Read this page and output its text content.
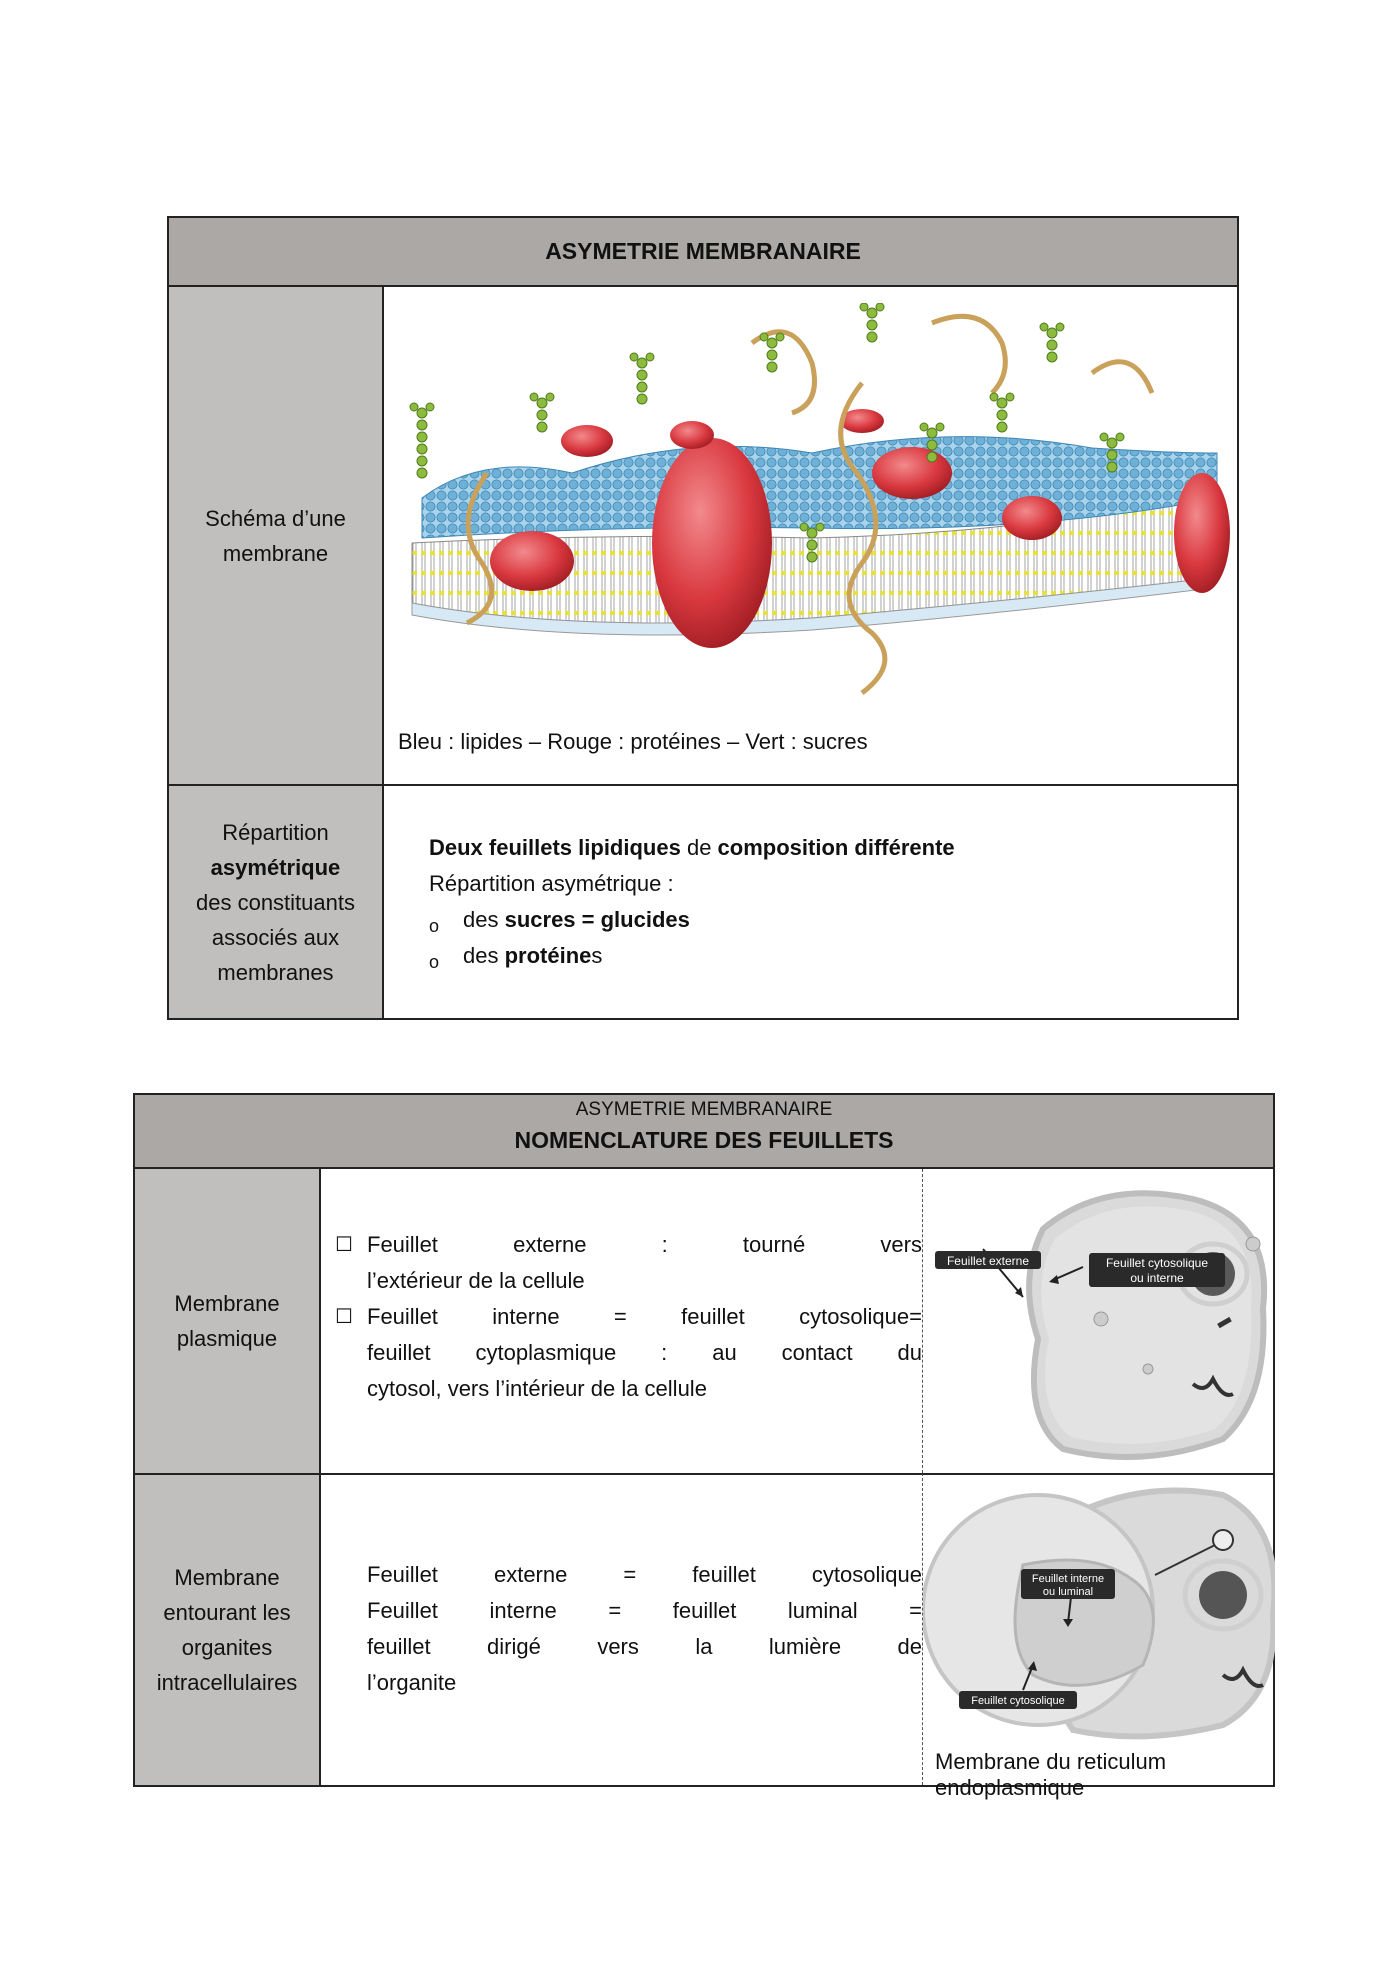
ASYMETRIE MEMBRANAIRE
Schéma d’une
membrane
Bleu : lipides – Rouge : protéines – Vert : sucres
Répartition
asymétrique
des constituants
associés aux
membranes
Deux feuillets lipidiques de composition différente
Répartition asymétrique :
o des sucres = glucides
o des protéines
ASYMETRIE MEMBRANAIRE
NOMENCLATURE DES FEUILLETS
Membrane
plasmique
☐
☐
Feuillet externe : tourné vers
l’extérieur de la cellule
Feuillet interne = feuillet cytosolique=
feuillet cytoplasmique : au contact du
cytosol, vers l’intérieur de la cellule
Feuillet externe	Feuillet cytosolique
ou interne
Membrane
entourant les
organites
intracellulaires
Feuillet externe = feuillet cytosolique
Feuillet interne = feuillet luminal =
feuillet dirigé vers la lumière de
l’organite
Feuillet interne
ou luminal
Feuillet cytosolique
Membrane du reticulum endoplasmique
